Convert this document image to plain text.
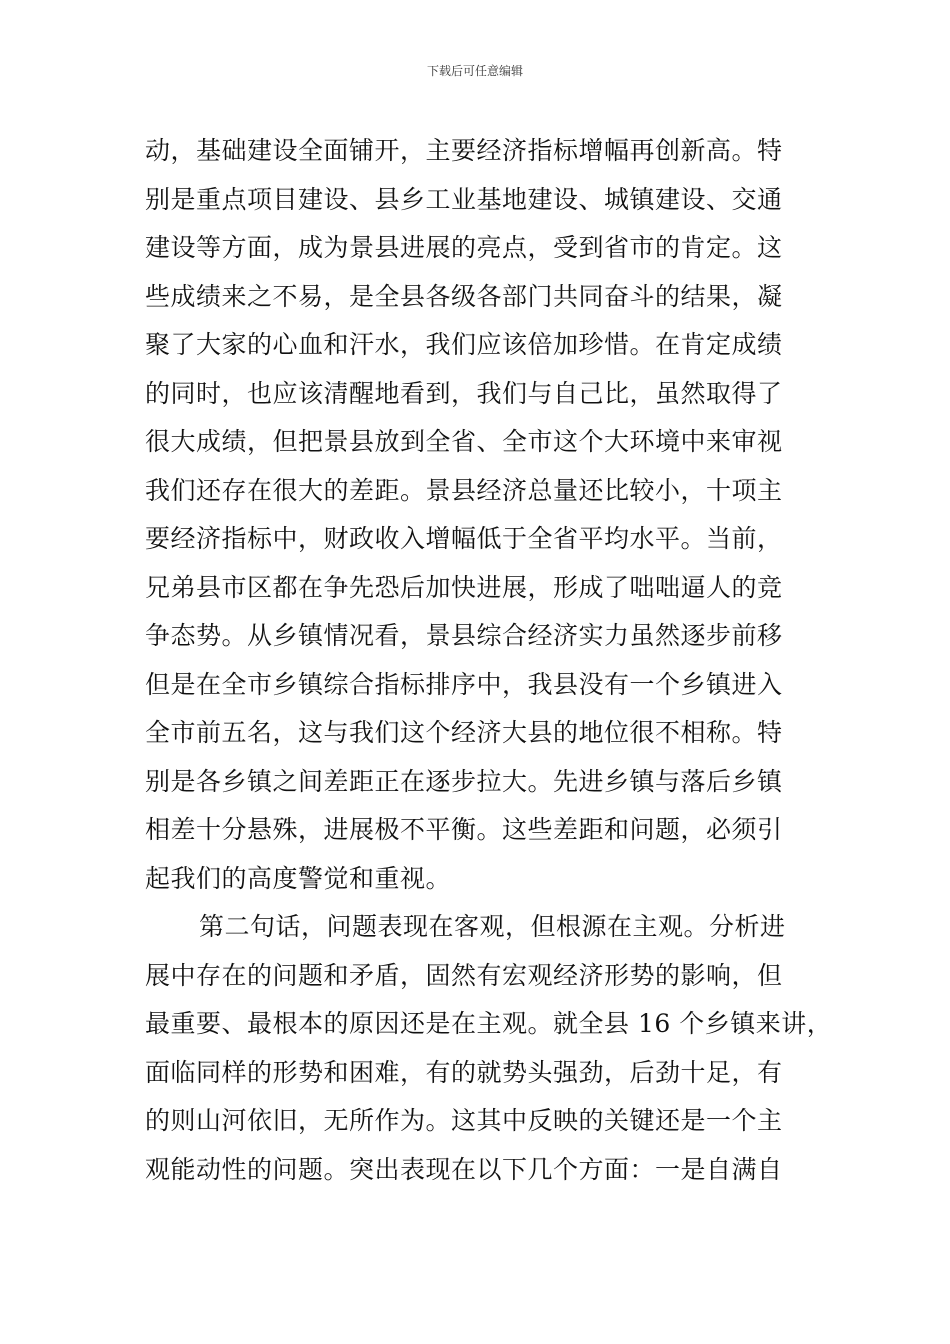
下载后可任意编辑
动，基础建设全面铺开，主要经济指标增幅再创新高。特
别是重点项目建设、县乡工业基地建设、城镇建设、交通
建设等方面，成为景县进展的亮点，受到省市的肯定。这
些成绩来之不易，是全县各级各部门共同奋斗的结果，凝
聚了大家的心血和汗水，我们应该倍加珍惜。在肯定成绩
的同时，也应该清醒地看到，我们与自己比，虽然取得了
很大成绩，但把景县放到全省、全市这个大环境中来审视
我们还存在很大的差距。景县经济总量还比较小，十项主
要经济指标中，财政收入增幅低于全省平均水平。当前，
兄弟县市区都在争先恐后加快进展，形成了咄咄逼人的竞
争态势。从乡镇情况看，景县综合经济实力虽然逐步前移
但是在全市乡镇综合指标排序中，我县没有一个乡镇进入
全市前五名，这与我们这个经济大县的地位很不相称。特
别是各乡镇之间差距正在逐步拉大。先进乡镇与落后乡镇
相差十分悬殊，进展极不平衡。这些差距和问题，必须引
起我们的高度警觉和重视。
第二句话，问题表现在客观，但根源在主观。分析进
展中存在的问题和矛盾，固然有宏观经济形势的影响，但
最重要、最根本的原因还是在主观。就全县 16 个乡镇来讲，
面临同样的形势和困难，有的就势头强劲，后劲十足，有
的则山河依旧，无所作为。这其中反映的关键还是一个主
观能动性的问题。突出表现在以下几个方面：一是自满自
